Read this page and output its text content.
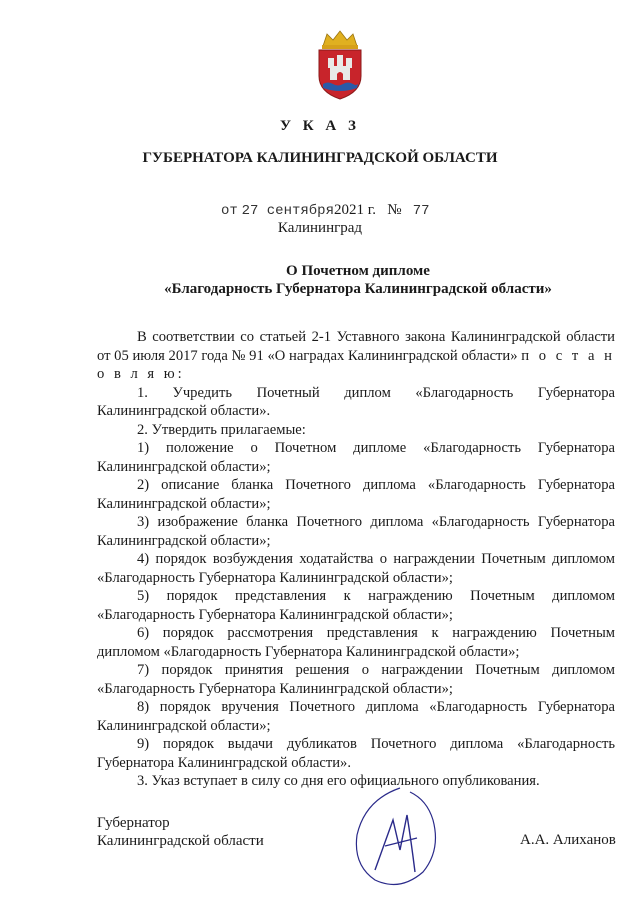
У К А З
ГУБЕРНАТОРА КАЛИНИНГРАДСКОЙ ОБЛАСТИ
от 27 сентября2021 г. № 77
Калининград
О Почетном дипломе
«Благодарность Губернатора Калининградской области»

В соответствии со статьей 2-1 Уставного закона Калининградской области от 05 июля 2017 года № 91 «О наградах Калининградской области» п о с т а н о в л я ю:

1. Учредить Почетный диплом «Благодарность Губернатора Калининградской области».

2. Утвердить прилагаемые:

1) положение о Почетном дипломе «Благодарность Губернатора Калининградской области»;

2) описание бланка Почетного диплома «Благодарность Губернатора Калининградской области»;

3) изображение бланка Почетного диплома «Благодарность Губернатора Калининградской области»;

4) порядок возбуждения ходатайства о награждении Почетным дипломом «Благодарность Губернатора Калининградской области»;

5) порядок представления к награждению Почетным дипломом «Благодарность Губернатора Калининградской области»;

6) порядок рассмотрения представления к награждению Почетным дипломом «Благодарность Губернатора Калининградской области»;

7) порядок принятия решения о награждении Почетным дипломом «Благодарность Губернатора Калининградской области»;

8) порядок вручения Почетного диплома «Благодарность Губернатора Калининградской области»;

9) порядок выдачи дубликатов Почетного диплома «Благодарность Губернатора Калининградской области».

3. Указ вступает в силу со дня его официального опубликования.

Губернатор
Калининградской области	А.А. Алиханов
